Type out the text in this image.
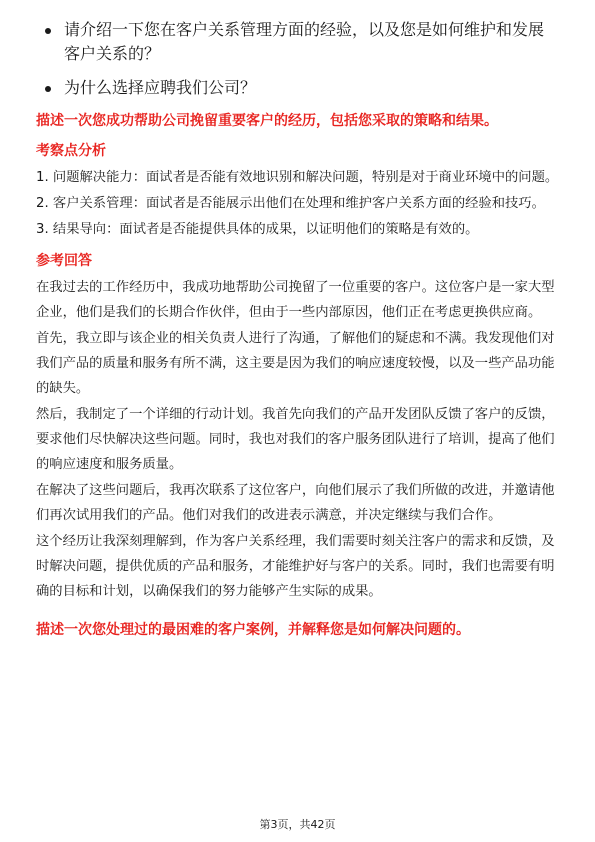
请介绍一下您在客户关系管理方面的经验，以及您是如何维护和发展客户关系的？
为什么选择应聘我们公司？
描述一次您成功帮助公司挽留重要客户的经历，包括您采取的策略和结果。
考察点分析

1. 问题解决能力：面试者是否能有效地识别和解决问题，特别是对于商业环境中的问题。

2. 客户关系管理：面试者是否能展示出他们在处理和维护客户关系方面的经验和技巧。

3. 结果导向：面试者是否能提供具体的成果，以证明他们的策略是有效的。

参考回答

在我过去的工作经历中，我成功地帮助公司挽留了一位重要的客户。这位客户是一家大型企业，他们是我们的长期合作伙伴，但由于一些内部原因，他们正在考虑更换供应商。

首先，我立即与该企业的相关负责人进行了沟通，了解他们的疑虑和不满。我发现他们对我们产品的质量和服务有所不满，这主要是因为我们的响应速度较慢，以及一些产品功能的缺失。

然后，我制定了一个详细的行动计划。我首先向我们的产品开发团队反馈了客户的反馈，要求他们尽快解决这些问题。同时，我也对我们的客户服务团队进行了培训，提高了他们的响应速度和服务质量。

在解决了这些问题后，我再次联系了这位客户，向他们展示了我们所做的改进，并邀请他们再次试用我们的产品。他们对我们的改进表示满意，并决定继续与我们合作。

这个经历让我深刻理解到，作为客户关系经理，我们需要时刻关注客户的需求和反馈，及时解决问题，提供优质的产品和服务，才能维护好与客户的关系。同时，我们也需要有明确的目标和计划，以确保我们的努力能够产生实际的成果。

描述一次您处理过的最困难的客户案例，并解释您是如何解决问题的。
第3页，共42页
